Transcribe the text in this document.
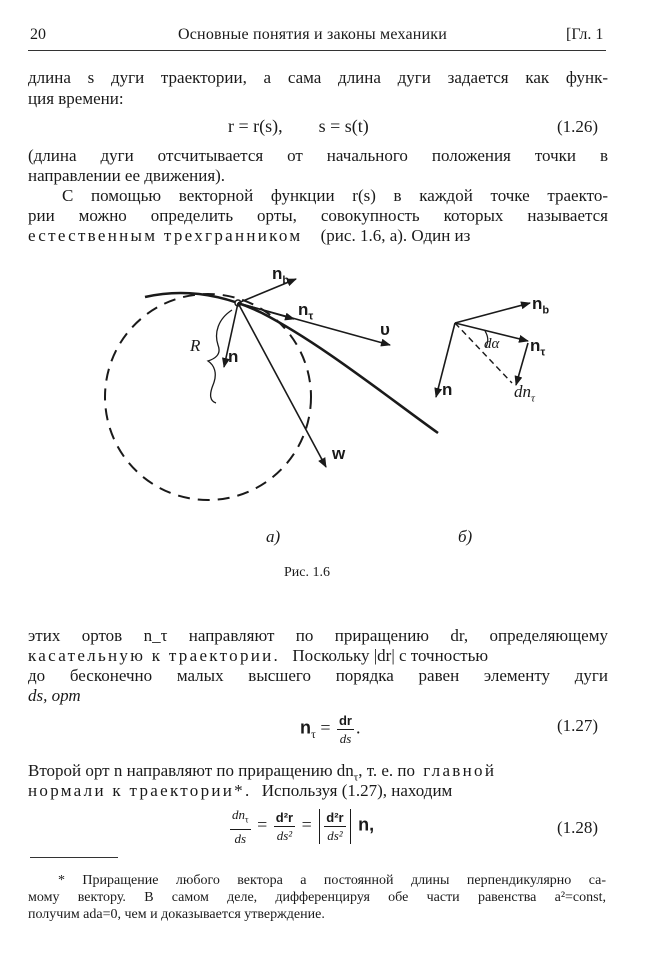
20	Основные понятия и законы механики	[Гл. 1
длина s дуги траектории, а сама длина дуги задается как функ-
ция времени:
r = r(s),        s = s(t)	(1.26)
(длина дуги отсчитывается от начального положения точки в
направлении ее движения).
С помощью векторной функции r(s) в каждой точке траекто-
рии можно определить орты, совокупность которых называется
естественным трехгранником (рис. 1.6, a). Один из
$n_b$
$n_\tau$
υ
R
n
w
$n_b$
$n_\tau$
dα
n	$dn_\tau$
а)	б)
Рис. 1.6
этих ортов n_τ направляют по приращению dr, определяющему
касательную к траектории. Поскольку |dr| с точностью
до бесконечно малых высшего порядка равен элементу дуги
ds, орт
$n_\tau = \frac{dr}{ds}$ .	(1.27)
Второй орт n направляют по приращению $dn_\tau$, т. е. по главной
нормали к траектории*. Используя (1.27), находим
$\frac{dn_\tau}{ds} = \frac{\text{d²r}}{\text{ds²}} = \frac{\text{d²r}}{\text{ds²}} n$,	(1.28)
* Приращение любого вектора a постоянной длины перпендикулярно са-
мому вектору. В самом деле, дифференцируя обе части равенства a²=const,
получим ada=0, чем и доказывается утверждение.
